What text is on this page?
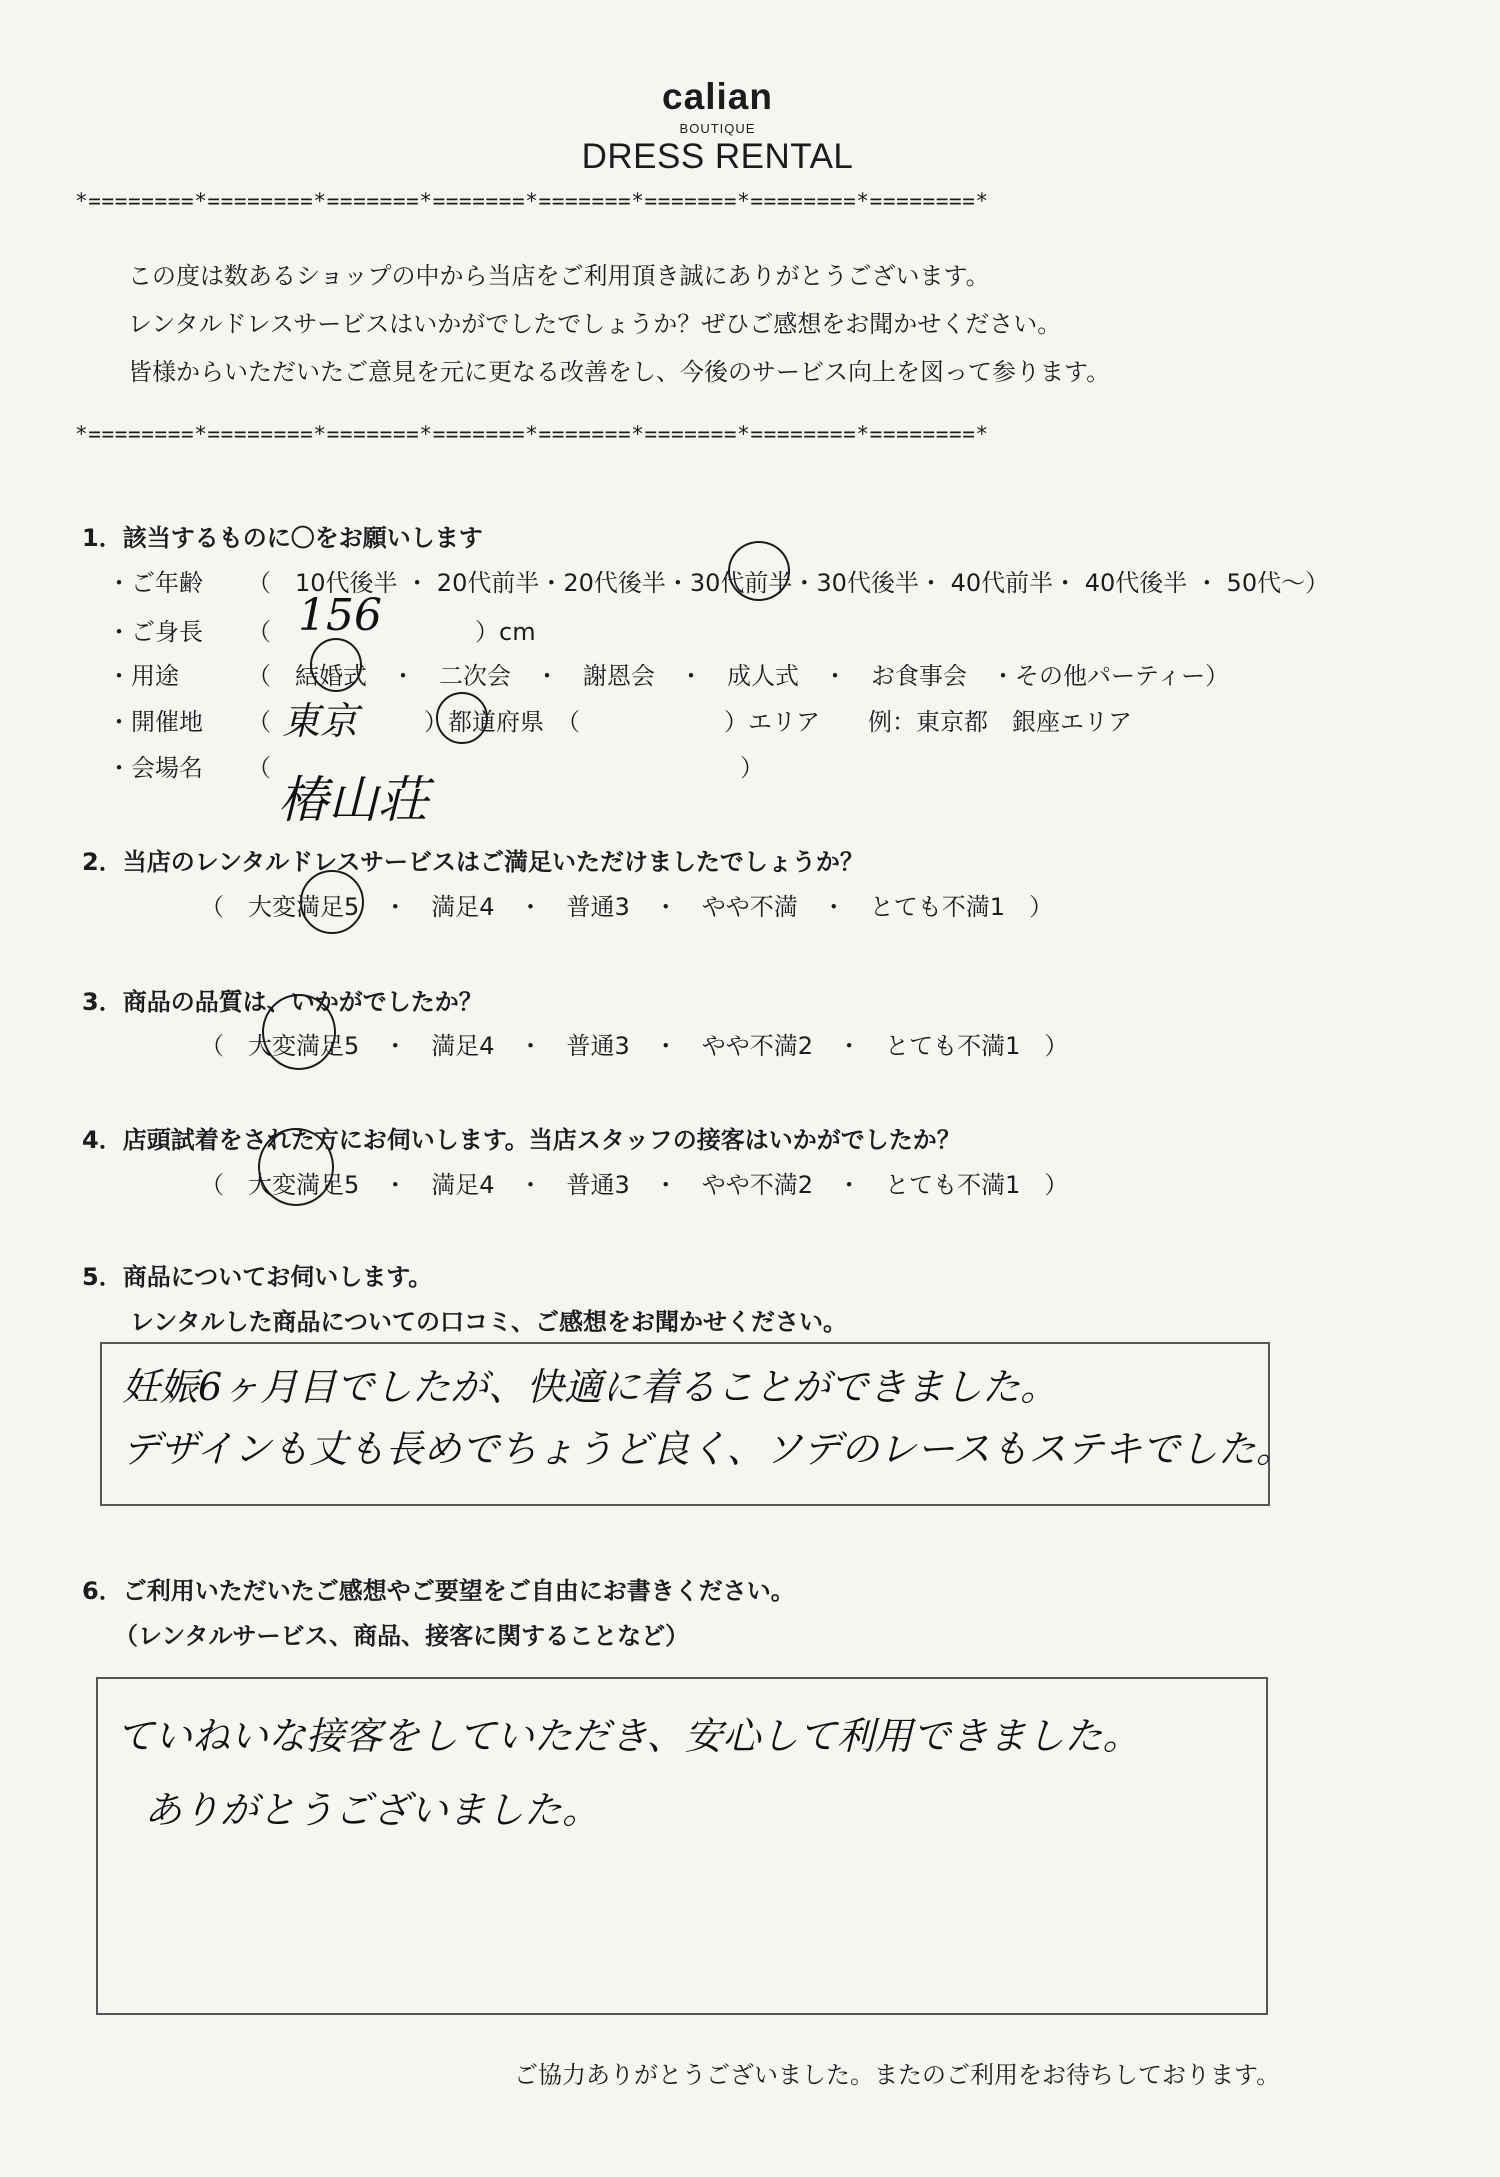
calian
BOUTIQUE
DRESS RENTAL
*========*========*=======*=======*=======*=======*========*========*
この度は数あるショップの中から当店をご利用頂き誠にありがとうございます。
レンタルドレスサービスはいかがでしたでしょうか？ぜひご感想をお聞かせください。
皆様からいただいたご意見を元に更なる改善をし、今後のサービス向上を図って参ります。
*========*========*=======*=======*=======*=======*========*========*
1．該当するものに〇をお願いします
・ご年齢 （　10代後半 ・ 20代前半・20代後半・30代前半・30代後半・ 40代前半・ 40代後半 ・ 50代～）
・ご身長 （ 156	）cm
・用途	（　結婚式　・　二次会　・　謝恩会　・　成人式　・　お食事会　・その他パーティー）
・開催地 （ 東京	）都道府県　（　　　　　　）エリア　　例：東京都　銀座エリア
・会場名 （
椿山荘
）
2．当店のレンタルドレスサービスはご満足いただけましたでしょうか？
（　大変満足5　・　満足4　・　普通3　・　やや不満　・　とても不満1　）
3．商品の品質は、いかがでしたか？
（　大変満足5　・　満足4　・　普通3　・　やや不満2　・　とても不満1　）
4．店頭試着をされた方にお伺いします。当店スタッフの接客はいかがでしたか？
（　大変満足5　・　満足4　・　普通3　・　やや不満2　・　とても不満1　）
5．商品についてお伺いします。
レンタルした商品についての口コミ、ご感想をお聞かせください。
妊娠6ヶ月目でしたが、快適に着ることができました。
デザインも丈も長めでちょうど良く、ソデのレースもステキでした。
6．ご利用いただいたご感想やご要望をご自由にお書きください。
（レンタルサービス、商品、接客に関することなど）
ていねいな接客をしていただき、安心して利用できました。
ありがとうございました。
ご協力ありがとうございました。またのご利用をお待ちしております。
